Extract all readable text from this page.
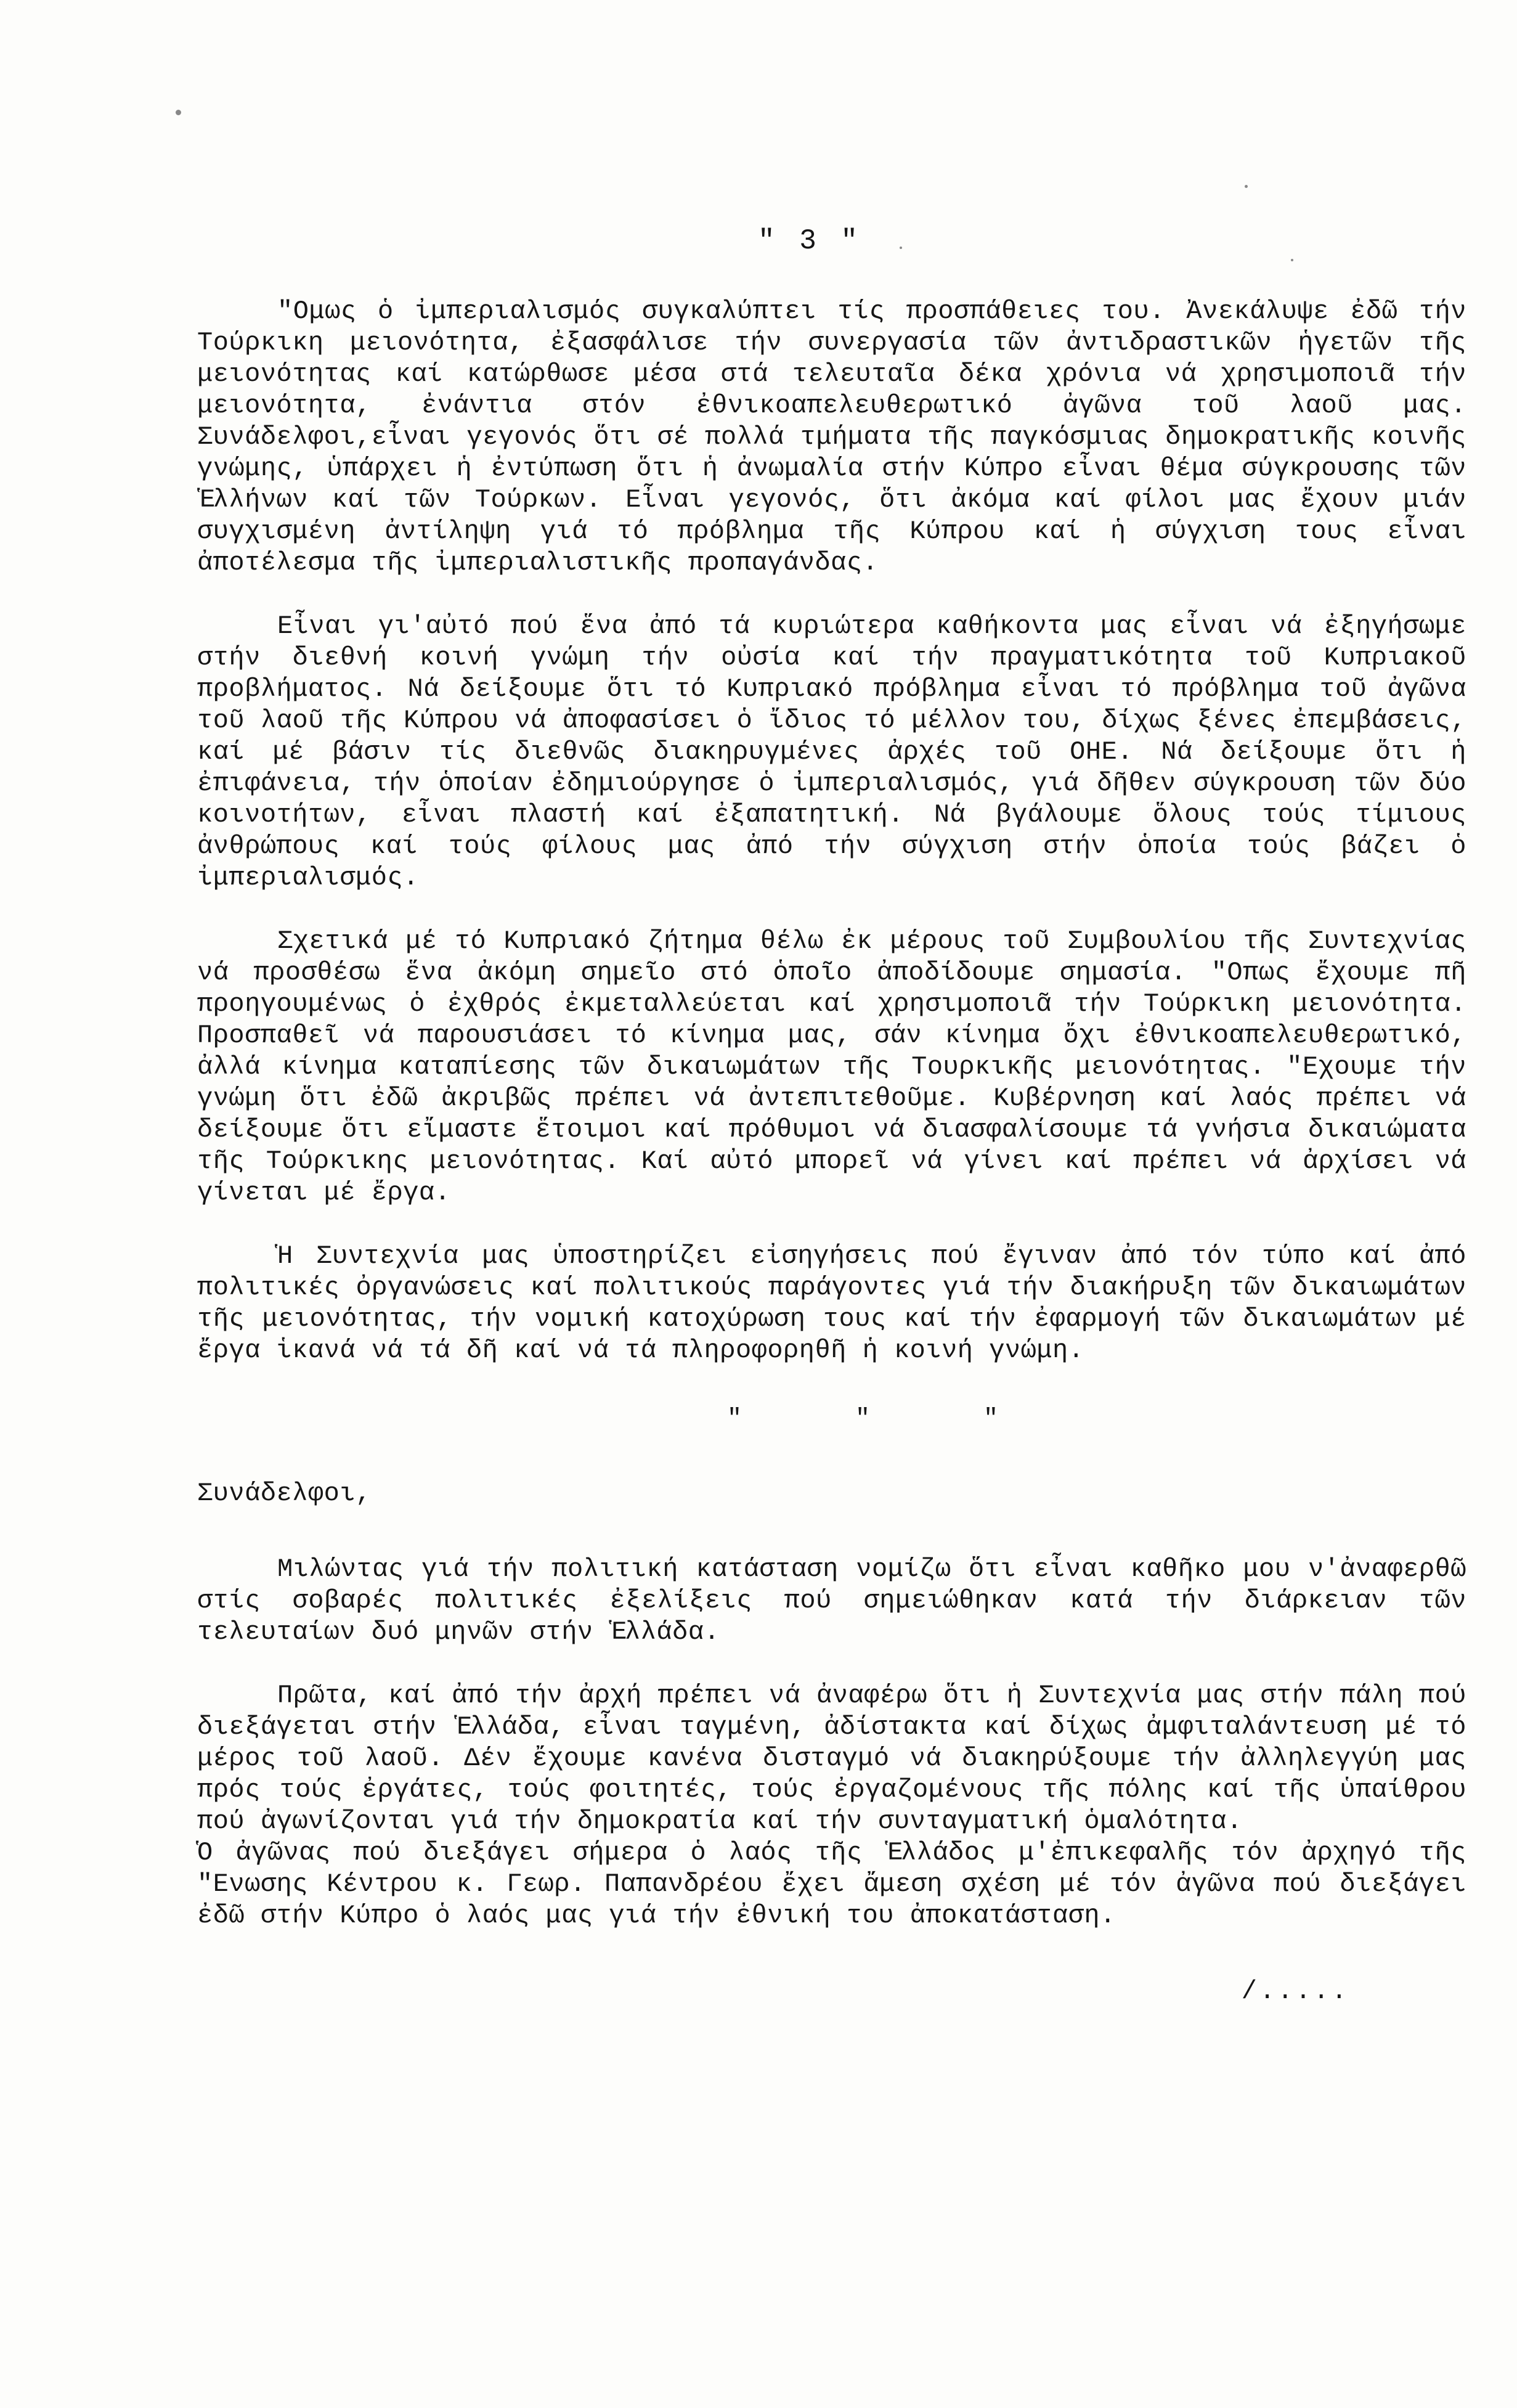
" 3 "

"Ομως ὁ ἰμπεριαλισμός συγκαλύπτει τίς προσπάθειες του. Ἀνεκάλυψε ἐδῶ τήν Τούρκικη μειονότητα, ἐξασφάλισε τήν συνεργασία τῶν ἀντιδραστικῶν ἡγετῶν τῆς μειονότητας καί κατώρθωσε μέσα στά τελευταῖα δέκα χρόνια νά χρησιμοποιᾶ τήν μειονότητα, ἐνάντια στόν ἐθνικοαπελευθερωτικό ἀγῶνα τοῦ λαοῦ μας. Συνάδελφοι,εἶναι γεγονός ὅτι σέ πολλά τμήματα τῆς παγκόσμιας δημοκρατικῆς κοινῆς γνώμης, ὑπάρχει ἡ ἐντύπωση ὅτι ἡ ἀνωμαλία στήν Κύπρο εἶναι θέμα σύγκρουσης τῶν Ἑλλήνων καί τῶν Τούρκων. Εἶναι γεγονός, ὅτι ἀκόμα καί φίλοι μας ἔχουν μιάν συγχισμένη ἀντίληψη γιά τό πρόβλημα τῆς Κύπρου καί ἡ σύγχιση τους εἶναι ἀποτέλεσμα τῆς ἰμπεριαλιστικῆς προπαγάνδας.

Εἶναι γι'αὐτό πού ἕνα ἀπό τά κυριώτερα καθήκοντα μας εἶναι νά ἐξηγήσωμε στήν διεθνή κοινή γνώμη τήν οὐσία καί τήν πραγματικότητα τοῦ Κυπριακοῦ προβλήματος. Νά δείξουμε ὅτι τό Κυπριακό πρόβλημα εἶναι τό πρόβλημα τοῦ ἀγῶνα τοῦ λαοῦ τῆς Κύπρου νά ἀποφασίσει ὁ ἴδιος τό μέλλον του, δίχως ξένες ἐπεμβάσεις, καί μέ βάσιν τίς διεθνῶς διακηρυγμένες ἀρχές τοῦ ΟΗΕ. Νά δείξουμε ὅτι ἡ ἐπιφάνεια, τήν ὁποίαν ἐδημιούργησε ὁ ἰμπεριαλισμός, γιά δῆθεν σύγκρουση τῶν δύο κοινοτήτων, εἶναι πλαστή καί ἐξαπατητική. Νά βγάλουμε ὅλους τούς τίμιους ἀνθρώπους καί τούς φίλους μας ἀπό τήν σύγχιση στήν ὁποία τούς βάζει ὁ ἰμπεριαλισμός.

Σχετικά μέ τό Κυπριακό ζήτημα θέλω ἐκ μέρους τοῦ Συμβουλίου τῆς Συντεχνίας νά προσθέσω ἕνα ἀκόμη σημεῖο στό ὁποῖο ἀποδίδουμε σημασία. "Οπως ἔχουμε πῆ προηγουμένως ὁ ἐχθρός ἐκμεταλλεύεται καί χρησιμοποιᾶ τήν Τούρκικη μειονότητα. Προσπαθεῖ νά παρουσιάσει τό κίνημα μας, σάν κίνημα ὄχι ἐθνικοαπελευθερωτικό, ἀλλά κίνημα καταπίεσης τῶν δικαιωμάτων τῆς Τουρκικῆς μειονότητας. "Εχουμε τήν γνώμη ὅτι ἐδῶ ἀκριβῶς πρέπει νά ἀντεπιτεθοῦμε. Κυβέρνηση καί λαός πρέπει νά δείξουμε ὅτι εἴμαστε ἕτοιμοι καί πρόθυμοι νά διασφαλίσουμε τά γνήσια δικαιώματα τῆς Τούρκικης μειονότητας. Καί αὐτό μπορεῖ νά γίνει καί πρέπει νά ἀρχίσει νά γίνεται μέ ἔργα.

Ἡ Συντεχνία μας ὑποστηρίζει εἰσηγήσεις πού ἔγιναν ἀπό τόν τύπο καί ἀπό πολιτικές ὀργανώσεις καί πολιτικούς παράγοντες γιά τήν διακήρυξη τῶν δικαιωμάτων τῆς μειονότητας, τήν νομική κατοχύρωση τους καί τήν ἐφαρμογή τῶν δικαιωμάτων μέ ἔργα ἱκανά νά τά δῆ καί νά τά πληροφορηθῆ ἡ κοινή γνώμη.

" " "
Συνάδελφοι,

Μιλώντας γιά τήν πολιτική κατάσταση νομίζω ὅτι εἶναι καθῆκο μου ν'ἀναφερθῶ στίς σοβαρές πολιτικές ἐξελίξεις πού σημειώθηκαν κατά τήν διάρκειαν τῶν τελευταίων δυό μηνῶν στήν Ἑλλάδα.

Πρῶτα, καί ἀπό τήν ἀρχή πρέπει νά ἀναφέρω ὅτι ἡ Συντεχνία μας στήν πάλη πού διεξάγεται στήν Ἑλλάδα, εἶναι ταγμένη, ἀδίστακτα καί δίχως ἀμφιταλάντευση μέ τό μέρος τοῦ λαοῦ. Δέν ἔχουμε κανένα δισταγμό νά διακηρύξουμε τήν ἀλληλεγγύη μας πρός τούς ἐργάτες, τούς φοιτητές, τούς ἐργαζομένους τῆς πόλης καί τῆς ὑπαίθρου πού ἀγωνίζονται γιά τήν δημοκρατία καί τήν συνταγματική ὁμαλότητα.

Ὁ ἀγῶνας πού διεξάγει σήμερα ὁ λαός τῆς Ἑλλάδος μ'ἐπικεφαλῆς τόν ἀρχηγό τῆς "Ενωσης Κέντρου κ. Γεωρ. Παπανδρέου ἔχει ἄμεση σχέση μέ τόν ἀγῶνα πού διεξάγει ἐδῶ στήν Κύπρο ὁ λαός μας γιά τήν ἐθνική του ἀποκατάσταση.

/.....
